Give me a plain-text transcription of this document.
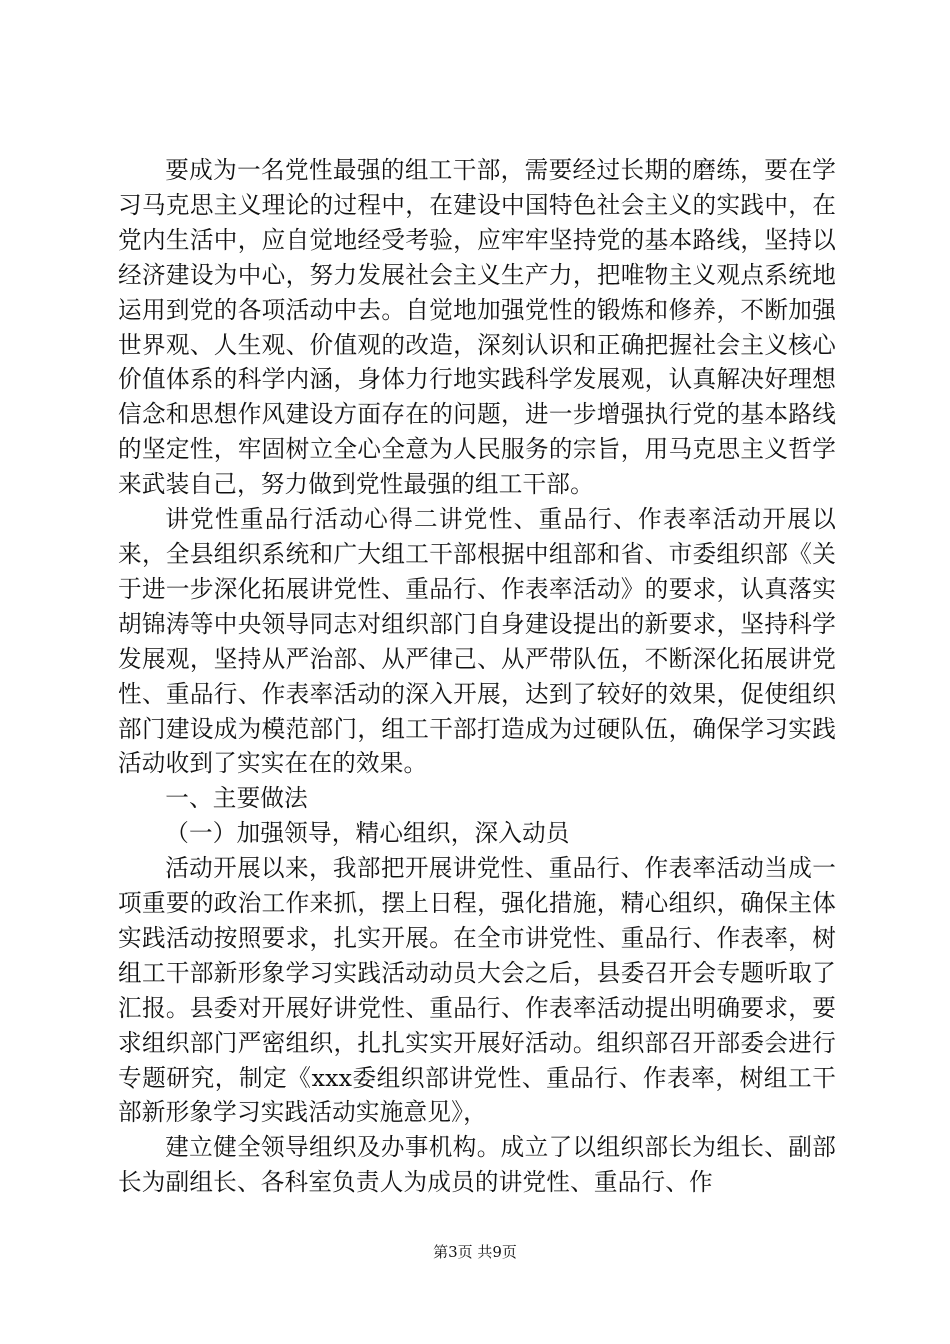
要成为一名党性最强的组工干部，需要经过长期的磨练，要在学习马克思主义理论的过程中，在建设中国特色社会主义的实践中，在党内生活中，应自觉地经受考验，应牢牢坚持党的基本路线，坚持以经济建设为中心，努力发展社会主义生产力，把唯物主义观点系统地运用到党的各项活动中去。自觉地加强党性的锻炼和修养，不断加强世界观、人生观、价值观的改造，深刻认识和正确把握社会主义核心价值体系的科学内涵，身体力行地实践科学发展观，认真解决好理想信念和思想作风建设方面存在的问题，进一步增强执行党的基本路线的坚定性，牢固树立全心全意为人民服务的宗旨，用马克思主义哲学来武装自己，努力做到党性最强的组工干部。

讲党性重品行活动心得二讲党性、重品行、作表率活动开展以来，全县组织系统和广大组工干部根据中组部和省、市委组织部《关于进一步深化拓展讲党性、重品行、作表率活动》的要求，认真落实胡锦涛等中央领导同志对组织部门自身建设提出的新要求，坚持科学发展观，坚持从严治部、从严律己、从严带队伍，不断深化拓展讲党性、重品行、作表率活动的深入开展，达到了较好的效果，促使组织部门建设成为模范部门，组工干部打造成为过硬队伍，确保学习实践活动收到了实实在在的效果。

一、主要做法

（一）加强领导，精心组织，深入动员

活动开展以来，我部把开展讲党性、重品行、作表率活动当成一项重要的政治工作来抓，摆上日程，强化措施，精心组织，确保主体实践活动按照要求，扎实开展。在全市讲党性、重品行、作表率，树组工干部新形象学习实践活动动员大会之后，县委召开会专题听取了汇报。县委对开展好讲党性、重品行、作表率活动提出明确要求，要求组织部门严密组织，扎扎实实开展好活动。组织部召开部委会进行专题研究，制定《xxx委组织部讲党性、重品行、作表率，树组工干部新形象学习实践活动实施意见》，

建立健全领导组织及办事机构。成立了以组织部长为组长、副部长为副组长、各科室负责人为成员的讲党性、重品行、作

第3页 共9页
